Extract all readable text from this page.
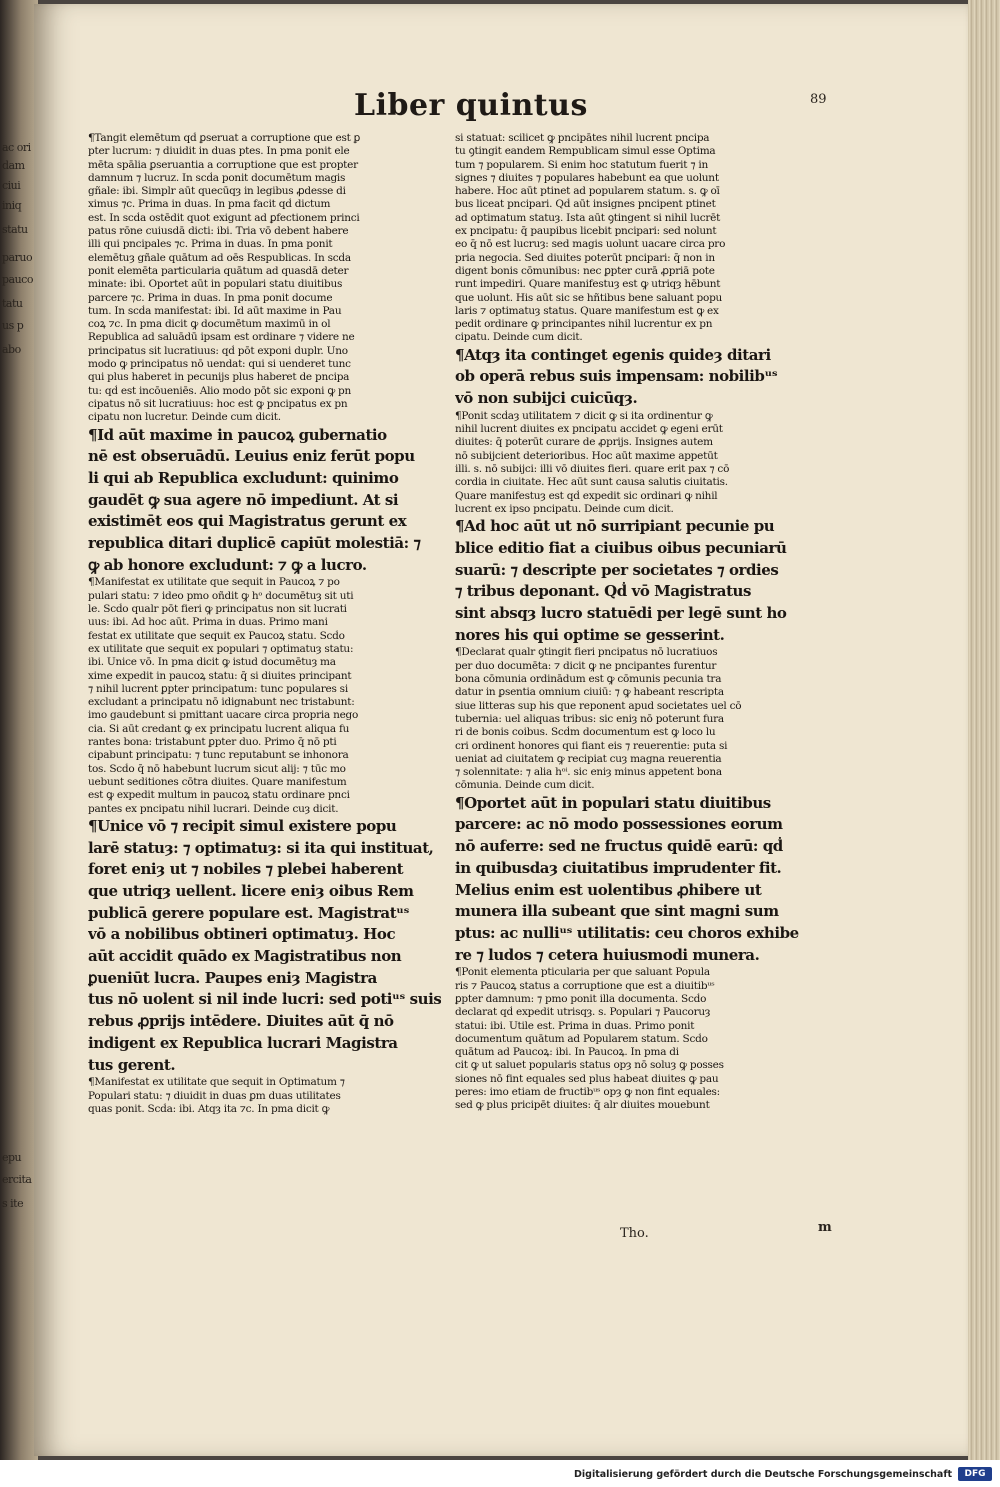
ac ori
dam
ciui
iniq
statu
paruo
pauco
tatu
us p
abo
epu
ercita
s ite
Liber quintus	89
¶Tangit elemētum qḋ ꝑseruat a corruptione que est ꝑ
pter lucrum: ⁊ diuidit in duas ptes. In pma ponit ele
mēta spālia ꝑseruantia a corruptione que est propter
damnum ⁊ lucruz. In scḋa ponit documētum magis
gñale: ibi. Simplr aūt quecūqȝ in legibus ꝓdesse di
ximus ⁊c. Prima in duas. In pma facit qḋ dictum
est. In scḋa ostēdit quot exigunt ad ꝑfectionem princi
patus rōne cuiusdā dicti: ibi. Tria vō debent habere
illi qui pncipales ⁊c. Prima in duas. In pma ponit
elemētuȝ gñale quātum ad oēs Respublicas. In scḋa
ponit elemēta particularia quātum ad quasdā deter
minate: ibi. Oportet aūt in populari statu diuitibus
parcere ⁊c. Prima in duas. In pma ponit docume
tum. In scḋa manifestat: ibi. Id aūt maxime in Pau
coꝝ ⁊c. In pma dicit ꝙ documētum maximū in ol
Republica ad saluādū ipsam est ordinare ⁊ videre ne
principatus sit lucratiuus: qḋ pōt exponi duplr. Uno
modo ꝙ principatus nō uendat: qui si uenderet tunc
qui plus haberet in pecunijs plus haberet de pncipa
tu: qḋ est incōueniēs. Alio modo pōt sic exponi ꝙ pn
cipatus nō sit lucratiuus: hoc est ꝙ pncipatus ex pn
cipatu non lucretur. Deinde cum dicit.
¶Id aūt maxime in paucoꝝ gubernatio
nē est obseruādū. Leuius eniz ferūt popu
li qui ab Republica excludunt: quinimo
gaudēt ꝙ sua agere nō impediunt. At si
existimēt eos qui Magistratus gerunt ex
republica ditari duplicē capiūt molestiā: ⁊
ꝙ ab honore excludunt: ⁊ ꝙ a lucro.
¶Manifestat ex utilitate que sequit in Paucoꝝ ⁊ po
pulari statu: ⁊ ideo pmo oñdit ꝙ hᵒ documētuȝ sit uti
le. Scḋo qualr pōt fieri ꝙ principatus non sit lucrati
uus: ibi. Ad hoc aūt. Prima in duas. Primo mani
festat ex utilitate que sequit ex Paucoꝝ statu. Scḋo
ex utilitate que sequit ex populari ⁊ optimatuȝ statu:
ibi. Unice vō. In pma dicit ꝙ istud documētuȝ ma
xime expedit in paucoꝝ statu: q̄ si diuites principant
⁊ nihil lucrent ꝑpter principatum: tunc populares si
excludant a principatu nō idignabunt nec tristabunt:
imo gaudebunt si pmittant uacare circa propria nego
cia. Si aūt credant ꝙ ex principatu lucrent aliqua fu
rantes bona: tristabunt ꝑpter duo. Primo q̄ nō pti
cipabunt principatu: ⁊ tunc reputabunt se inhonora
tos. Scḋo q̄ nō habebunt lucrum sicut alij: ⁊ tūc mo
uebunt seditiones cōtra diuites. Quare manifestum
est ꝙ expedit multum in paucoꝝ statu ordinare pnci
pantes ex pncipatu nihil lucrari. Deinde cuȝ dicit.
¶Unice vō ⁊ recipit simul existere popu
larē statuȝ: ⁊ optimatuȝ: si ita qui instituat,
foret eniȝ ut ⁊ nobiles ⁊ plebei haberent
que utriqȝ uellent. licere eniȝ oibus Rem
publicā gerere populare est. Magistratᵘˢ
vō a nobilibus obtineri optimatuȝ. Hoc
aūt accidit quādo ex Magistratibus non
ꝑueniūt lucra. Paupes eniȝ Magistra
tus nō uolent si nil inde lucri: sed potiᵘˢ suis
rebus ꝓprijs intēdere. Diuites aūt q̄ nō
indigent ex Republica lucrari Magistra
tus gerent.
¶Manifestat ex utilitate que sequit in Optimatum ⁊
Populari statu: ⁊ diuidit in duas ꝑm duas utilitates
quas ponit. Scḋa: ibi. Atqȝ ita ⁊c. In pma dicit ꝙ
si statuat: scilicet ꝙ pncipātes nihil lucrent pncipa
tu ꝯtingit eandem Rempublicam simul esse Optima
tum ⁊ popularem. Si enim hoc statutum fuerit ⁊ in
signes ⁊ diuites ⁊ populares habebunt ea que uolunt
habere. Hoc aūt ptinet ad popularem statum. s. ꝙ oī
bus liceat pncipari. Qḋ aūt insignes pncipent ptinet
ad optimatum statuȝ. Ista aūt ꝯtingent si nihil lucrēt
ex pncipatu: q̄ paupibus licebit pncipari: sed nolunt
eo q̄ nō est lucruȝ: sed magis uolunt uacare circa pro
pria negocia. Sed diuites poterūt pncipari: q̄ non in
digent bonis cōmunibus: nec ꝑpter curā ꝓpriā pote
runt impediri. Quare manifestuȝ est ꝙ utriqȝ hēbunt
que uolunt. His aūt sic se hñtibus bene saluant popu
laris ⁊ optimatuȝ status. Quare manifestum est ꝙ ex
pedit ordinare ꝙ principantes nihil lucrentur ex pn
cipatu. Deinde cum dicit.
¶Atqȝ ita continget egenis quideȝ ditari
ob operā rebus suis impensam: nobilibᵘˢ
vō non subijci cuicūqȝ.
¶Ponit scḋaȝ utilitatem ⁊ dicit ꝙ si ita ordinentur ꝙ
nihil lucrent diuites ex pncipatu accidet ꝙ egeni erūt
diuites: q̄ poterūt curare de ꝓprijs. Insignes autem
nō subijcient deterioribus. Hoc aūt maxime appetūt
illi. s. nō subijci: illi vō diuites fieri. quare erit pax ⁊ cō
cordia in ciuitate. Hec aūt sunt causa salutis ciuitatis.
Quare manifestuȝ est qḋ expedit sic ordinari ꝙ nihil
lucrent ex ipso pncipatu. Deinde cum dicit.
¶Ad hoc aūt ut nō surripiant pecunie pu
blice editio fiat a ciuibus oibus pecuniarū
suarū: ⁊ descripte per societates ⁊ ordies
⁊ tribus deponant. Qḋ vō Magistratus
sint absqȝ lucro statuēdi per legē sunt ho
nores his qui optime se gesserint.
¶Declarat qualr ꝯtingit fieri pncipatus nō lucratiuos
per duo documēta: ⁊ dicit ꝙ ne pncipantes furentur
bona cōmunia ordinādum est ꝙ cōmunis pecunia tra
datur in ꝑsentia omnium ciuiū: ⁊ ꝙ habeant rescripta
siue litteras sup his que reponent apud societates uel cō
tubernia: uel aliquas tribus: sic eniȝ nō poterunt fura
ri de bonis coibus. Scḋm documentum est ꝙ loco lu
cri ordinent honores qui fiant eis ⁊ reuerentie: puta si
ueniat ad ciuitatem ꝙ recipiat cuȝ magna reuerentia
⁊ solennitate: ⁊ alia hᵒⁱ. sic eniȝ minus appetent bona
cōmunia. Deinde cum dicit.
¶Oportet aūt in populari statu diuitibus
parcere: ac nō modo possessiones eorum
nō auferre: sed ne fructus quidē earū: qḋ
in quibusdaȝ ciuitatibus imprudenter fit.
Melius enim est uolentibus ꝓhibere ut
munera illa subeant que sint magni sum
ptus: ac nulliᵘˢ utilitatis: ceu choros exhibe
re ⁊ ludos ⁊ cetera huiusmodi munera.
¶Ponit elementa pticularia per que saluant Popula
ris ⁊ Paucoꝝ status a corruptione que est a diuitibᵘˢ
ꝑpter damnum: ⁊ pmo ponit illa documenta. Scḋo
declarat qḋ expedit utrisqȝ. s. Populari ⁊ Paucoruȝ
statui: ibi. Utile est. Prima in duas. Primo ponit
documentum quātum ad Popularem statum. Scḋo
quātum ad Paucoꝝ: ibi. In Paucoꝝ. In pma di
cit ꝙ ut saluet popularis status opȝ nō soluȝ ꝙ posses
siones nō fint equales sed plus habeat diuites ꝙ pau
peres: imo etiam de fructibᵘˢ opȝ ꝙ non fint equales:
sed ꝙ plus pricipēt diuites: q̄ alr diuites mouebunt
Tho.	m
Digitalisierung gefördert durch die Deutsche Forschungsgemeinschaft	DFG
